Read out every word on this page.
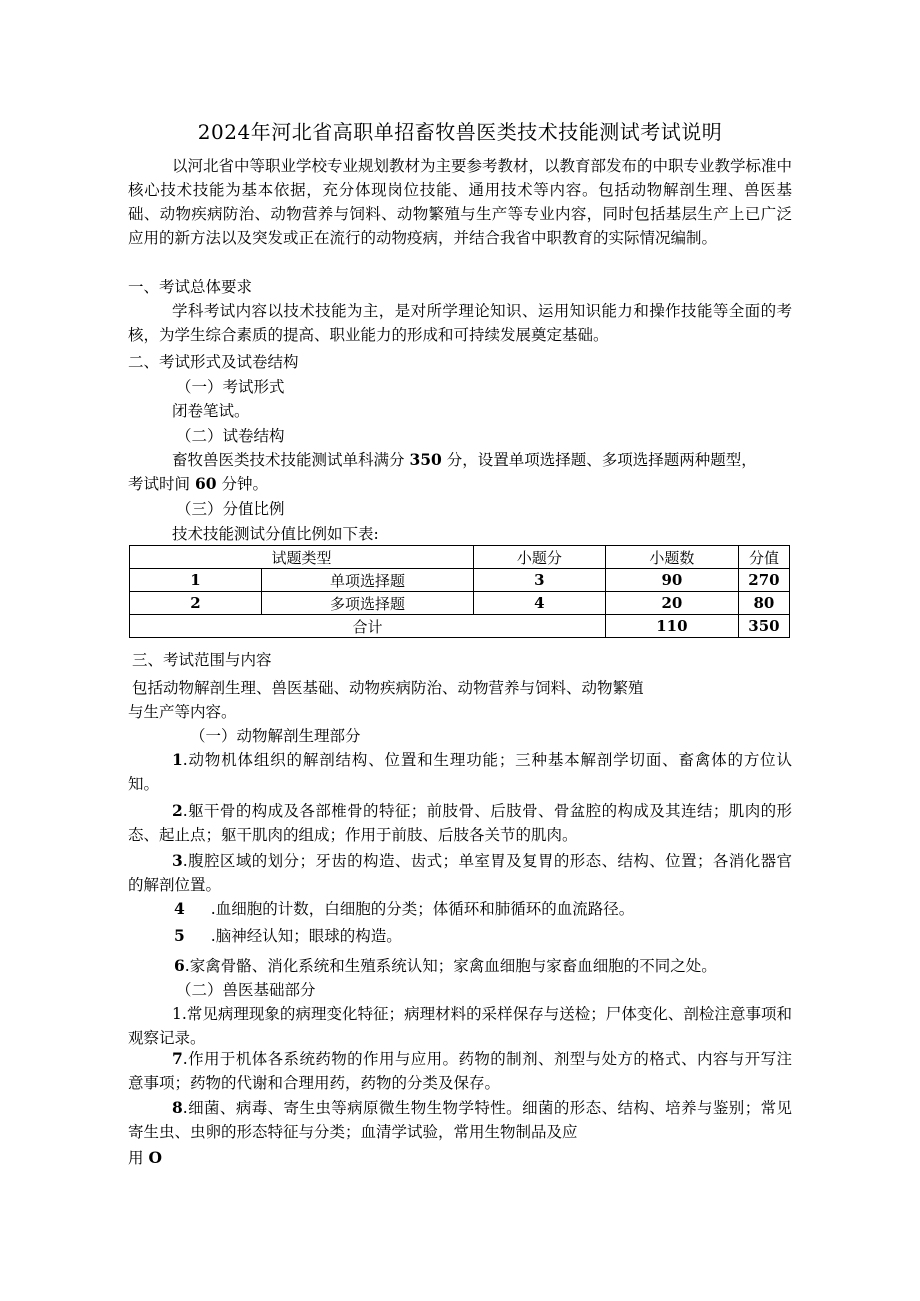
2024年河北省高职单招畜牧兽医类技术技能测试考试说明

以河北省中等职业学校专业规划教材为主要参考教材，以教育部发布的中职专业教学标准中核心技术技能为基本依据，充分体现岗位技能、通用技术等内容。包括动物解剖生理、兽医基础、动物疾病防治、动物营养与饲料、动物繁殖与生产等专业内容，同时包括基层生产上已广泛应用的新方法以及突发或正在流行的动物疫病，并结合我省中职教育的实际情况编制。

一、考试总体要求

学科考试内容以技术技能为主，是对所学理论知识、运用知识能力和操作技能等全面的考核，为学生综合素质的提高、职业能力的形成和可持续发展奠定基础。

二、考试形式及试卷结构

（一）考试形式

闭卷笔试。

（二）试卷结构

畜牧兽医类技术技能测试单科满分 350 分，设置单项选择题、多项选择题两种题型，

考试时间 60 分钟。

（三）分值比例

技术技能测试分值比例如下表:

试题类型		小题分	小题数	分值
1	单项选择题	3	90	270
2	多项选择题	4	20	80
合计			110	350

三、考试范围与内容

包括动物解剖生理、兽医基础、动物疾病防治、动物营养与饲料、动物繁殖

与生产等内容。

（一）动物解剖生理部分

1.动物机体组织的解剖结构、位置和生理功能；三种基本解剖学切面、畜禽体的方位认知。

2.躯干骨的构成及各部椎骨的特征；前肢骨、后肢骨、骨盆腔的构成及其连结；肌肉的形态、起止点；躯干肌肉的组成；作用于前肢、后肢各关节的肌肉。

3.腹腔区域的划分；牙齿的构造、齿式；单室胃及复胃的形态、结构、位置；各消化器官的解剖位置。

4 .血细胞的计数，白细胞的分类；体循环和肺循环的血流路径。

5 .脑神经认知；眼球的构造。

6.家禽骨骼、消化系统和生殖系统认知；家禽血细胞与家畜血细胞的不同之处。

（二）兽医基础部分

1.常见病理现象的病理变化特征；病理材料的采样保存与送检；尸体变化、剖检注意事项和观察记录。

7.作用于机体各系统药物的作用与应用。药物的制剂、剂型与处方的格式、内容与开写注意事项；药物的代谢和合理用药，药物的分类及保存。

8.细菌、病毒、寄生虫等病原微生物生物学特性。细菌的形态、结构、培养与鉴别；常见寄生虫、虫卵的形态特征与分类；血清学试验，常用生物制品及应

用 O
